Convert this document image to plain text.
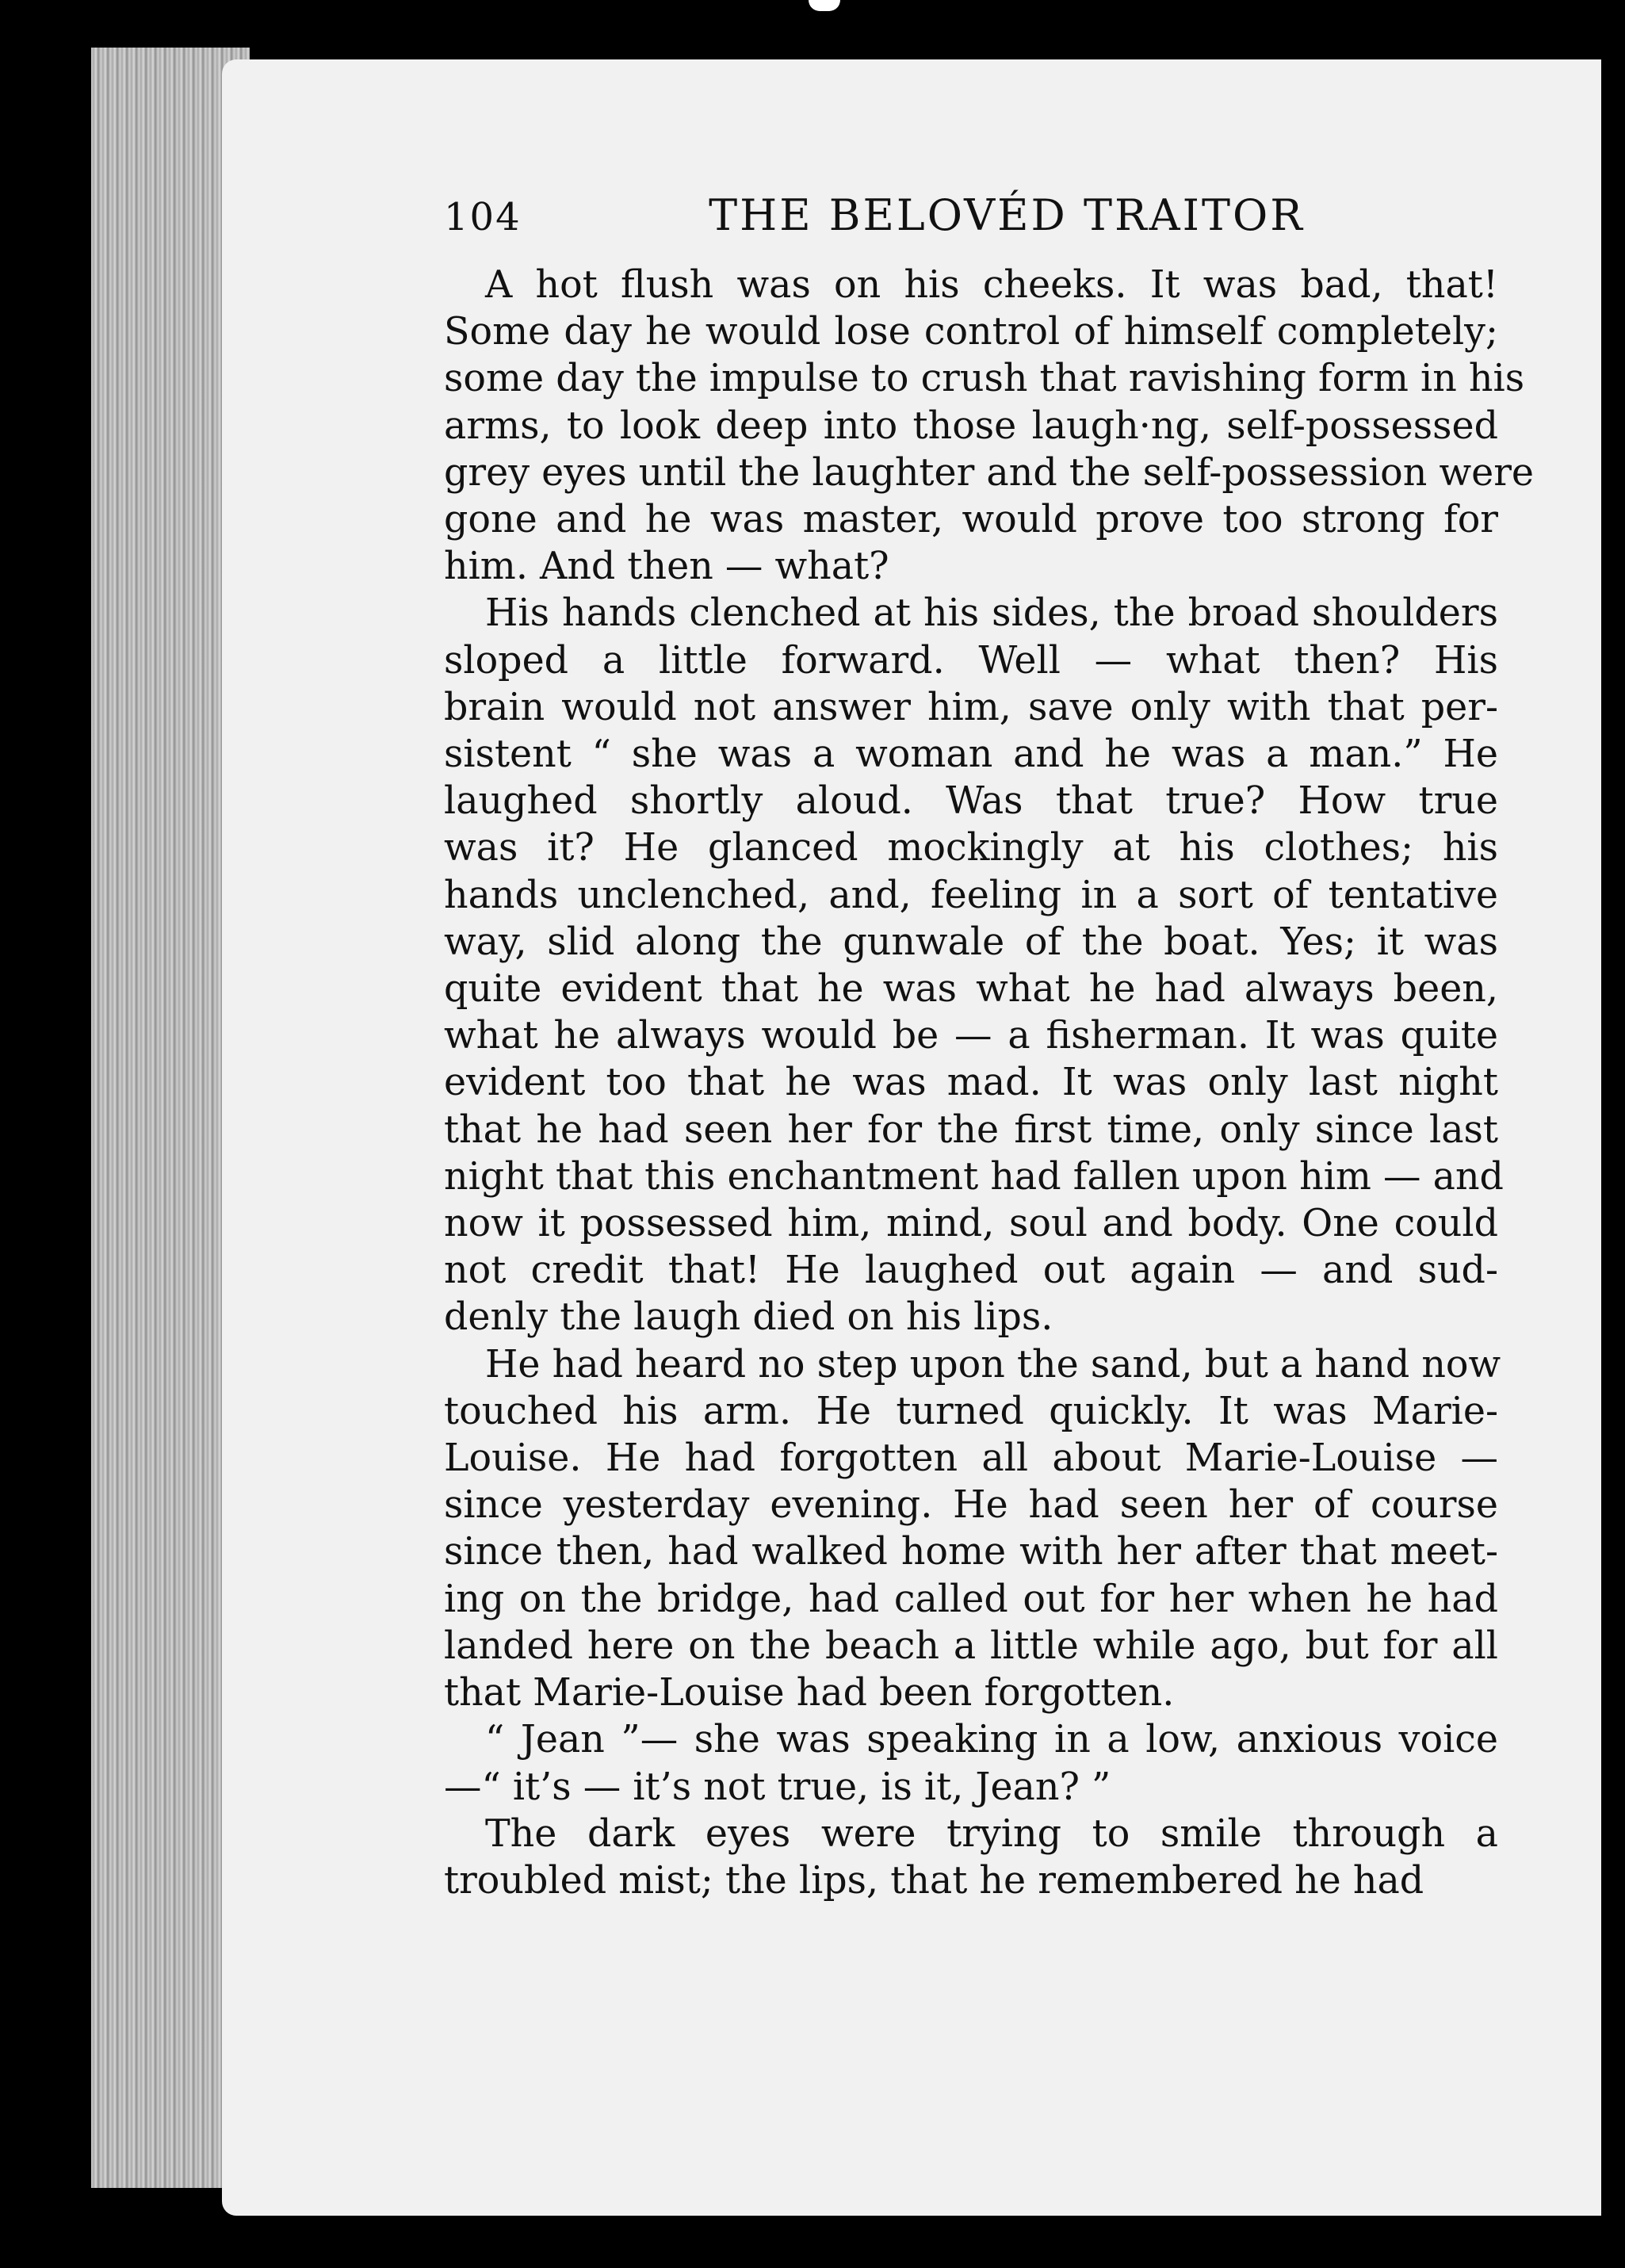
104	THE BELOVÉD TRAITOR

A hot flush was on his cheeks. It was bad, that!
Some day he would lose control of himself completely;
some day the impulse to crush that ravishing form in his
arms, to look deep into those laugh·ng, self-possessed
grey eyes until the laughter and the self-possession were
gone and he was master, would prove too strong for
him. And then — what?

His hands clenched at his sides, the broad shoulders
sloped a little forward. Well — what then? His
brain would not answer him, save only with that per-
sistent “ she was a woman and he was a man.” He
laughed shortly aloud. Was that true? How true
was it? He glanced mockingly at his clothes; his
hands unclenched, and, feeling in a sort of tentative
way, slid along the gunwale of the boat. Yes; it was
quite evident that he was what he had always been,
what he always would be — a fisherman. It was quite
evident too that he was mad. It was only last night
that he had seen her for the first time, only since last
night that this enchantment had fallen upon him — and
now it possessed him, mind, soul and body. One could
not credit that! He laughed out again — and sud-
denly the laugh died on his lips.

He had heard no step upon the sand, but a hand now
touched his arm. He turned quickly. It was Marie-
Louise. He had forgotten all about Marie-Louise —
since yesterday evening. He had seen her of course
since then, had walked home with her after that meet-
ing on the bridge, had called out for her when he had
landed here on the beach a little while ago, but for all
that Marie-Louise had been forgotten.

“ Jean ”— she was speaking in a low, anxious voice
—“ it’s — it’s not true, is it, Jean? ”

The dark eyes were trying to smile through a
troubled mist; the lips, that he remembered he had
